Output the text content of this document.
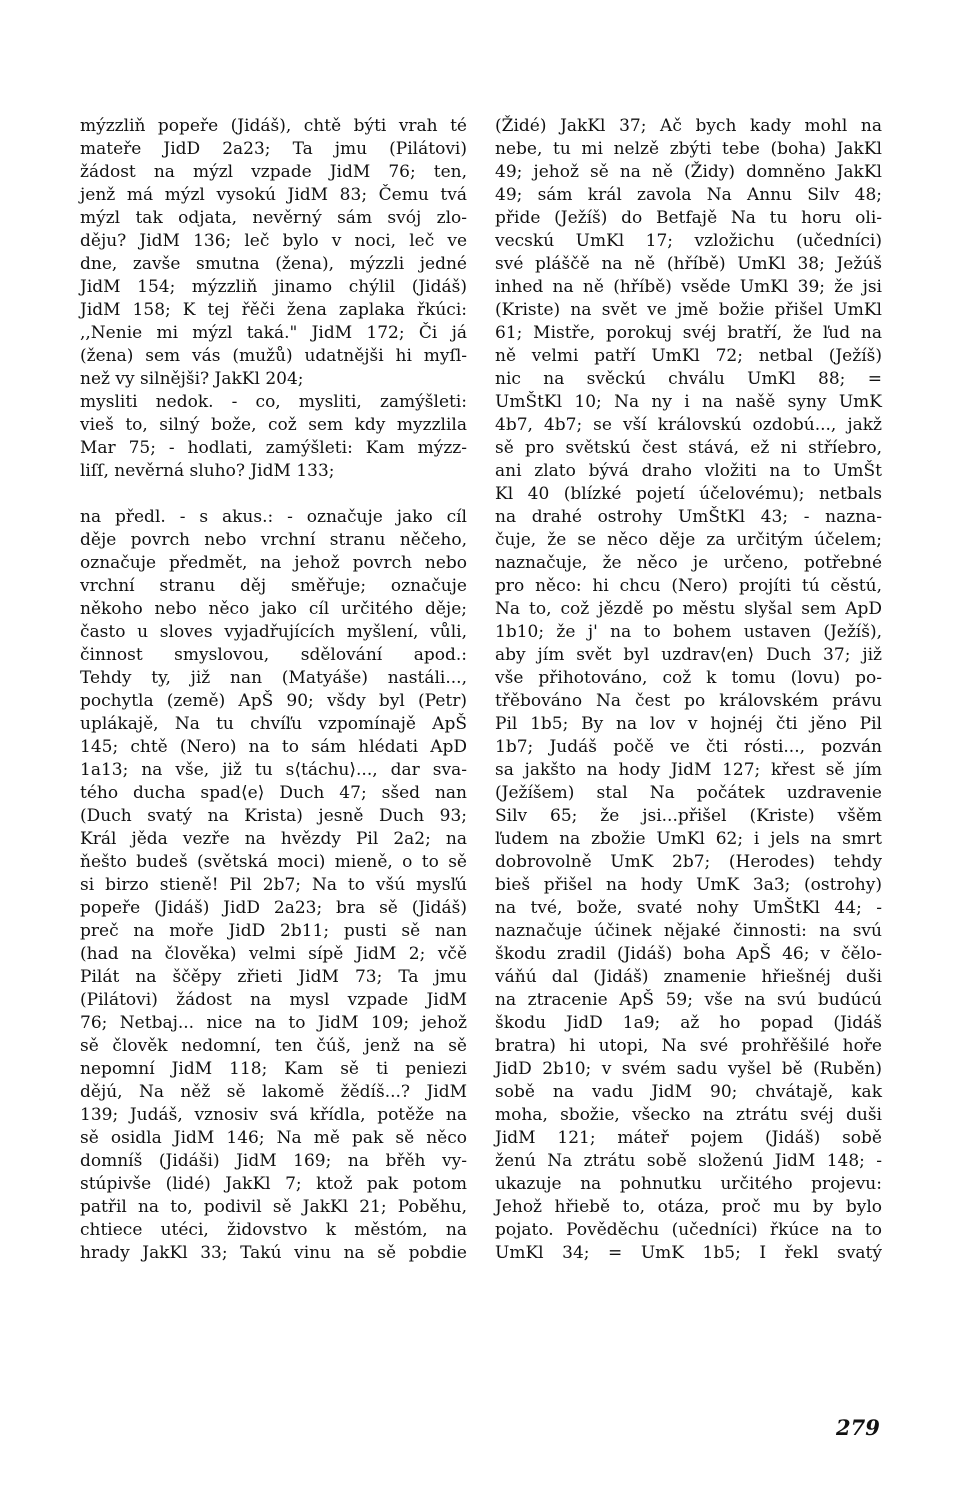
mýzzliň popeře (Jidáš), chtě býti vrah té
mateře JidD 2a23; Ta jmu (Pilátovi)
žádost na mýzl vzpade JidM 76; ten,
jenž má mýzl vysokú JidM 83; Čemu tvá
mýzl tak odjata, nevěrný sám svój zlo-
děju? JidM 136; leč bylo v noci, leč ve
dne, zavše smutna (žena), mýzzli jedné
JidM 154; mýzzliň jinamo chýlil (Jidáš)
JidM 158; K tej řěči žena zaplaka řkúci:
,,Nenie mi mýzl taká." JidM 172; Či já
(žena) sem vás (mužů) udatnějši hi myſl-
než vy silnějši? JakKl 204;
mysliti nedok. - co, mysliti, zamýšleti:
vieš to, silný bože, což sem kdy myzzlila
Mar 75; - hodlati, zamýšleti: Kam mýzz-
liſſ, nevěrná sluho? JidM 133;
na předl. - s akus.: - označuje jako cíl
děje povrch nebo vrchní stranu něčeho,
označuje předmět, na jehož povrch nebo
vrchní stranu děj směřuje; označuje
někoho nebo něco jako cíl určitého děje;
často u sloves vyjadřujících myšlení, vůli,
činnost smyslovou, sdělování apod.:
Tehdy ty, již nan (Matyáše) nastáli...,
pochytla (země) ApŠ 90; všdy byl (Petr)
uplákajě, Na tu chvíľu vzpomínajě ApŠ
145; chtě (Nero) na to sám hlédati ApD
1a13; na vše, již tu s⟨táchu⟩..., dar sva-
tého ducha spad⟨e⟩ Duch 47; sšed nan
(Duch svatý na Krista) jesně Duch 93;
Král jěda vezře na hvězdy Pil 2a2; na
ňešto budeš (světská moci) mieně, o to sě
si birzo stieně! Pil 2b7; Na to všú mysľú
popeře (Jidáš) JidD 2a23; bra sě (Jidáš)
preč na moře JidD 2b11; pusti sě nan
(had na člověka) velmi sípě JidM 2; včě
Pilát na ščěpy zřieti JidM 73; Ta jmu
(Pilátovi) žádost na mysl vzpade JidM
76; Netbaj... nice na to JidM 109; jehož
sě člověk nedomní, ten čúš, jenž na sě
nepomní JidM 118; Kam sě ti peniezi
dějú, Na něž sě lakomě žědíš...? JidM
139; Judáš, vznosiv svá křídla, potěže na
sě osidla JidM 146; Na mě pak sě něco
domníš (Jidáši) JidM 169; na břěh vy-
stúpivše (lidé) JakKl 7; ktož pak potom
patřil na to, podivil sě JakKl 21; Poběhu,
chtiece utéci, židovstvo k městóm, na
hrady JakKl 33; Takú vinu na sě pobdie
(Židé) JakKl 37; Ač bych kady mohl na
nebe, tu mi nelzě zbýti tebe (boha) JakKl
49; jehož sě na ně (Židy) domněno JakKl
49; sám král zavola Na Annu Silv 48;
přide (Ježíš) do Betfajě Na tu horu oli-
vecskú UmKl 17; vzložichu (učedníci)
své pláščě na ně (hříbě) UmKl 38; Ježúš
inhed na ně (hříbě) vsěde UmKl 39; že jsi
(Kriste) na svět ve jmě božie přišel UmKl
61; Mistře, porokuj svéj bratří, že ľud na
ně velmi patří UmKl 72; netbal (Ježíš)
nic na svěckú chválu UmKl 88; =
UmŠtKl 10; Na ny i na našě syny UmK
4b7, 4b7; se vší královskú ozdobú..., jakž
sě pro světskú čest stává, ež ni stříebro,
ani zlato bývá draho vložiti na to UmŠt
Kl 40 (blízké pojetí účelovému); netbals
na drahé ostrohy UmŠtKl 43; - nazna-
čuje, že se něco děje za určitým účelem;
naznačuje, že něco je určeno, potřebné
pro něco: hi chcu (Nero) projíti tú cěstú,
Na to, což jězdě po městu slyšal sem ApD
1b10; že j' na to bohem ustaven (Ježíš),
aby jím svět byl uzdrav⟨en⟩ Duch 37; již
vše přihotováno, což k tomu (lovu) po-
třěbováno Na čest po královském právu
Pil 1b5; By na lov v hojnéj čti jěno Pil
1b7; Judáš počě ve čti rósti..., pozván
sa jakšto na hody JidM 127; křest sě jím
(Ježíšem) stal Na počátek uzdravenie
Silv 65; že jsi...přišel (Kriste) všěm
ľudem na zbožie UmKl 62; i jels na smrt
dobrovolně UmK 2b7; (Herodes) tehdy
bieš přišel na hody UmK 3a3; (ostrohy)
na tvé, bože, svaté nohy UmŠtKl 44; -
naznačuje účinek nějaké činnosti: na svú
škodu zradil (Jidáš) boha ApŠ 46; v čělo-
váňú dal (Jidáš) znamenie hřiešnéj duši
na ztracenie ApŠ 59; vše na svú budúcú
škodu JidD 1a9; až ho popad (Jidáš
bratra) hi utopi, Na své prohřěšilé hoře
JidD 2b10; v svém sadu vyšel bě (Ruběn)
sobě na vadu JidM 90; chvátajě, kak
moha, sbožie, všecko na ztrátu svéj duši
JidM 121; máteř pojem (Jidáš) sobě
ženú Na ztrátu sobě složenú JidM 148; -
ukazuje na pohnutku určitého projevu:
Jehož hřiebě to, otáza, proč mu by bylo
pojato. Pověděchu (učedníci) řkúce na to
UmKl 34; = UmK 1b5; I řekl svatý
279
